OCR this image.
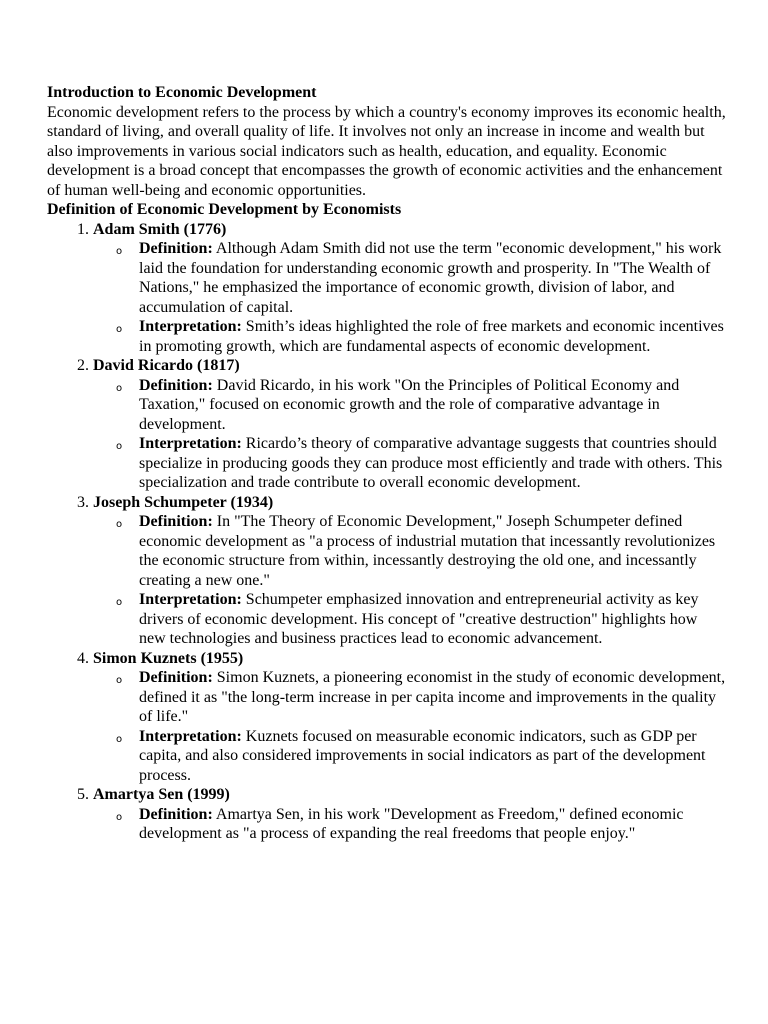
Introduction to Economic Development

Economic development refers to the process by which a country's economy improves its economic health, standard of living, and overall quality of life. It involves not only an increase in income and wealth but also improvements in various social indicators such as health, education, and equality. Economic development is a broad concept that encompasses the growth of economic activities and the enhancement of human well-being and economic opportunities.

Definition of Economic Development by Economists

1. Adam Smith (1776)
o Definition: Although Adam Smith did not use the term "economic development," his work laid the foundation for understanding economic growth and prosperity. In "The Wealth of Nations," he emphasized the importance of economic growth, division of labor, and accumulation of capital.
o Interpretation: Smith’s ideas highlighted the role of free markets and economic incentives in promoting growth, which are fundamental aspects of economic development.
2. David Ricardo (1817)
o Definition: David Ricardo, in his work "On the Principles of Political Economy and Taxation," focused on economic growth and the role of comparative advantage in development.
o Interpretation: Ricardo’s theory of comparative advantage suggests that countries should specialize in producing goods they can produce most efficiently and trade with others. This specialization and trade contribute to overall economic development.
3. Joseph Schumpeter (1934)
o Definition: In "The Theory of Economic Development," Joseph Schumpeter defined economic development as "a process of industrial mutation that incessantly revolutionizes the economic structure from within, incessantly destroying the old one, and incessantly creating a new one."
o Interpretation: Schumpeter emphasized innovation and entrepreneurial activity as key drivers of economic development. His concept of "creative destruction" highlights how new technologies and business practices lead to economic advancement.
4. Simon Kuznets (1955)
o Definition: Simon Kuznets, a pioneering economist in the study of economic development, defined it as "the long-term increase in per capita income and improvements in the quality of life."
o Interpretation: Kuznets focused on measurable economic indicators, such as GDP per capita, and also considered improvements in social indicators as part of the development process.
5. Amartya Sen (1999)
o Definition: Amartya Sen, in his work "Development as Freedom," defined economic development as "a process of expanding the real freedoms that people enjoy."
